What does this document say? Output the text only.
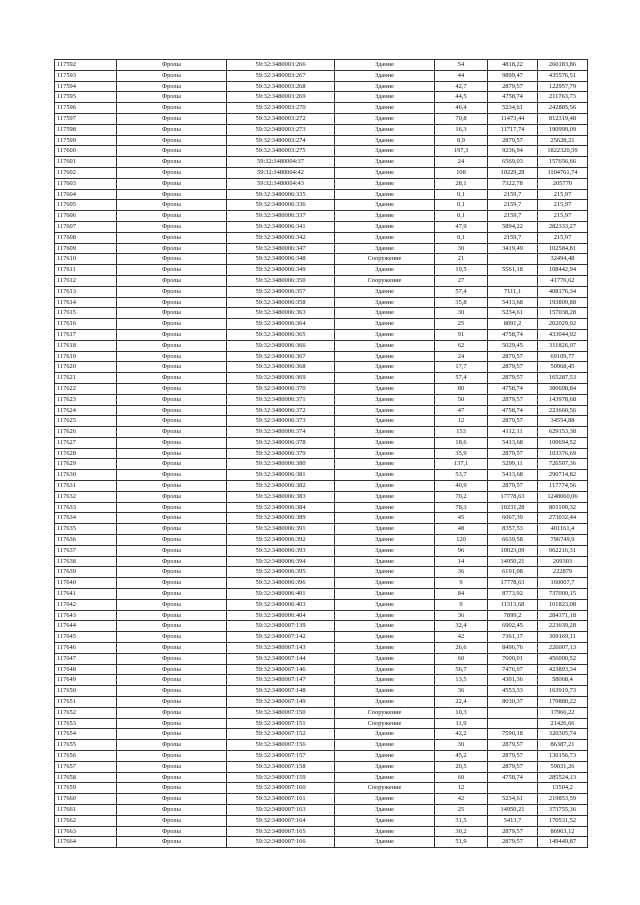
117592	Фролы	59:32:3480003:266	Здание	54	4818,22	260183,86
117593	Фролы	59:32:3480003:267	Здание	44	9899,47	435576,51
117594	Фролы	59:32:3480003:268	Здание	42,7	2879,57	122957,79
117595	Фролы	59:32:3480003:269	Здание	44,5	4758,74	211763,73
117596	Фролы	59:32:3480003:270	Здание	46,4	5234,61	242885,56
117597	Фролы	59:32:3480003:272	Здание	70,8	11473,44	812319,48
117598	Фролы	59:32:3480003:273	Здание	16,3	11717,74	190999,09
117599	Фролы	59:32:3480003:274	Здание	8,9	2879,57	25628,21
117600	Фролы	59:32:3480003:275	Здание	197,3	9236,94	1822320,59
117601	Фролы	59:32:3480004:37	Здание	24	6569,03	157656,66
117602	Фролы	59:32:3480004:42	Здание	108	10229,28	1104761,74
117603	Фролы	59:32:3480004:43	Здание	28,1	7322,78	205770
117604	Фролы	59:32:3480006:335	Здание	0,1	2159,7	215,97
117605	Фролы	59:32:3480006:336	Здание	0,1	2159,7	215,97
117606	Фролы	59:32:3480006:337	Здание	0,1	2159,7	215,97
117607	Фролы	59:32:3480006:341	Здание	47,9	5894,22	282333,27
117608	Фролы	59:32:3480006:342	Здание	0,1	2159,7	215,97
117609	Фролы	59:32:3480006:347	Здание	30	3419,49	102584,81
117610	Фролы	59:32:3480006:348	Сооружение	21		32494,48
117611	Фролы	59:32:3480006:349	Здание	19,5	5561,18	108442,94
117612	Фролы	59:32:3480006:350	Сооружение	27		41776,62
117613	Фролы	59:32:3480006:357	Здание	57,4	7111,1	408176,34
117614	Фролы	59:32:3480006:358	Здание	35,8	5413,68	193809,88
117615	Фролы	59:32:3480006:363	Здание	30	5234,61	157038,28
117616	Фролы	59:32:3480006:364	Здание	25	8091,2	202029,92
117617	Фролы	59:32:3480006:365	Здание	91	4758,74	433044,92
117618	Фролы	59:32:3480006:366	Здание	62	5029,45	311826,07
117619	Фролы	59:32:3480006:367	Здание	24	2879,57	69109,77
117620	Фролы	59:32:3480006:368	Здание	17,7	2879,57	50968,45
117621	Фролы	59:32:3480006:369	Здание	57,4	2879,57	165287,53
117622	Фролы	59:32:3480006:370	Здание	80	4758,74	380698,84
117623	Фролы	59:32:3480006:371	Здание	50	2879,57	143978,68
117624	Фролы	59:32:3480006:372	Здание	47	4758,74	223660,56
117625	Фролы	59:32:3480006:373	Здание	12	2879,57	34554,88
117626	Фролы	59:32:3480006:374	Здание	153	4112,11	629153,38
117627	Фролы	59:32:3480006:378	Здание	18,6	5413,68	100694,52
117628	Фролы	59:32:3480006:379	Здание	35,9	2879,57	103376,69
117629	Фролы	59:32:3480006:380	Здание	137,1	5299,11	726507,36
117630	Фролы	59:32:3480006:381	Здание	53,7	5413,68	290714,82
117631	Фролы	59:32:3480006:382	Здание	40,9	2879,57	117774,56
117632	Фролы	59:32:3480006:383	Здание	70,2	17778,63	1248060,06
117633	Фролы	59:32:3480006:384	Здание	78,3	10231,28	801109,32
117634	Фролы	59:32:3480006:389	Здание	45	6067,39	273032,44
117635	Фролы	59:32:3480006:391	Здание	48	8357,53	401161,4
117636	Фролы	59:32:3480006:392	Здание	120	6639,58	796749,9
117637	Фролы	59:32:3480006:393	Здание	96	10023,09	962216,31
117638	Фролы	59:32:3480006:394	Здание	14	14950,21	209303
117639	Фролы	59:32:3480006:395	Здание	36	6191,08	222879
117640	Фролы	59:32:3480006:396	Здание	9	17778,63	160007,7
117641	Фролы	59:32:3480006:401	Здание	84	8773,92	737009,15
117642	Фролы	59:32:3480006:403	Здание	9	11313,68	101823,08
117643	Фролы	59:32:3480006:404	Здание	36	7899,2	284371,18
117644	Фролы	59:32:3480007:139	Здание	32,4	6902,45	223639,28
117645	Фролы	59:32:3480007:142	Здание	42	7361,17	309169,11
117646	Фролы	59:32:3480007:143	Здание	26,6	8496,76	226007,13
117647	Фролы	59:32:3480007:144	Здание	60	7600,01	456000,52
117648	Фролы	59:32:3480007:146	Здание	56,7	7476,07	423893,34
117649	Фролы	59:32:3480007:147	Здание	13,5	4301,36	58068,4
117650	Фролы	59:32:3480007:148	Здание	36	4553,33	163919,73
117651	Фролы	59:32:3480007:149	Здание	22,4	8030,37	179880,22
117652	Фролы	59:32:3480007:150	Сооружение	10,3		17966,22
117653	Фролы	59:32:3480007:151	Сооружение	11,9		21426,66
117654	Фролы	59:32:3480007:152	Здание	42,2	7590,18	320305,74
117655	Фролы	59:32:3480007:156	Здание	30	2879,57	86387,21
117656	Фролы	59:32:3480007:157	Здание	45,2	2879,57	130156,73
117657	Фролы	59:32:3480007:158	Здание	20,5	2879,57	59031,26
117658	Фролы	59:32:3480007:159	Здание	60	4758,74	285524,13
117659	Фролы	59:32:3480007:160	Сооружение	12		13504,2
117660	Фролы	59:32:3480007:161	Здание	42	5234,61	219853,59
117661	Фролы	59:32:3480007:163	Здание	25	14950,21	373755,36
117662	Фролы	59:32:3480007:164	Здание	31,5	5413,7	170531,52
117663	Фролы	59:32:3480007:165	Здание	30,2	2879,57	86963,12
117664	Фролы	59:32:3480007:166	Здание	51,9	2879,57	149449,87
